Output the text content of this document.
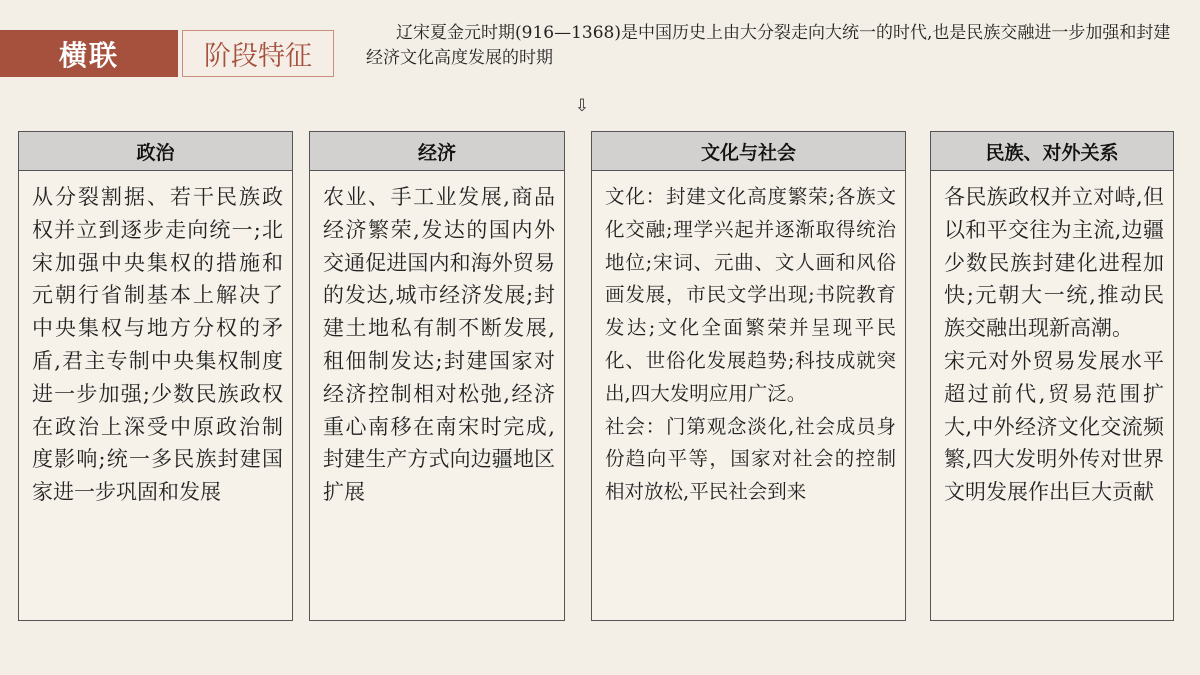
横联	阶段特征
辽宋夏金元时期(916—1368)是中国历史上由大分裂走向大统一的时代,也是民族交融进一步加强和封建经济文化高度发展的时期
⇩
政治
从分裂割据、若干民族政权并立到逐步走向统一;北宋加强中央集权的措施和元朝行省制基本上解决了中央集权与地方分权的矛盾,君主专制中央集权制度进一步加强;少数民族政权在政治上深受中原政治制度影响;统一多民族封建国家进一步巩固和发展
经济
农业、手工业发展,商品经济繁荣,发达的国内外交通促进国内和海外贸易的发达,城市经济发展;封建土地私有制不断发展,租佃制发达;封建国家对经济控制相对松弛,经济重心南移在南宋时完成,封建生产方式向边疆地区扩展
文化与社会
文化：封建文化高度繁荣;各族文化交融;理学兴起并逐渐取得统治地位;宋词、元曲、文人画和风俗画发展，市民文学出现;书院教育发达;文化全面繁荣并呈现平民化、世俗化发展趋势;科技成就突出,四大发明应用广泛。
社会：门第观念淡化,社会成员身份趋向平等，国家对社会的控制相对放松,平民社会到来
民族、对外关系
各民族政权并立对峙,但以和平交往为主流,边疆少数民族封建化进程加快;元朝大一统,推动民族交融出现新高潮。
宋元对外贸易发展水平超过前代,贸易范围扩大,中外经济文化交流频繁,四大发明外传对世界文明发展作出巨大贡献
